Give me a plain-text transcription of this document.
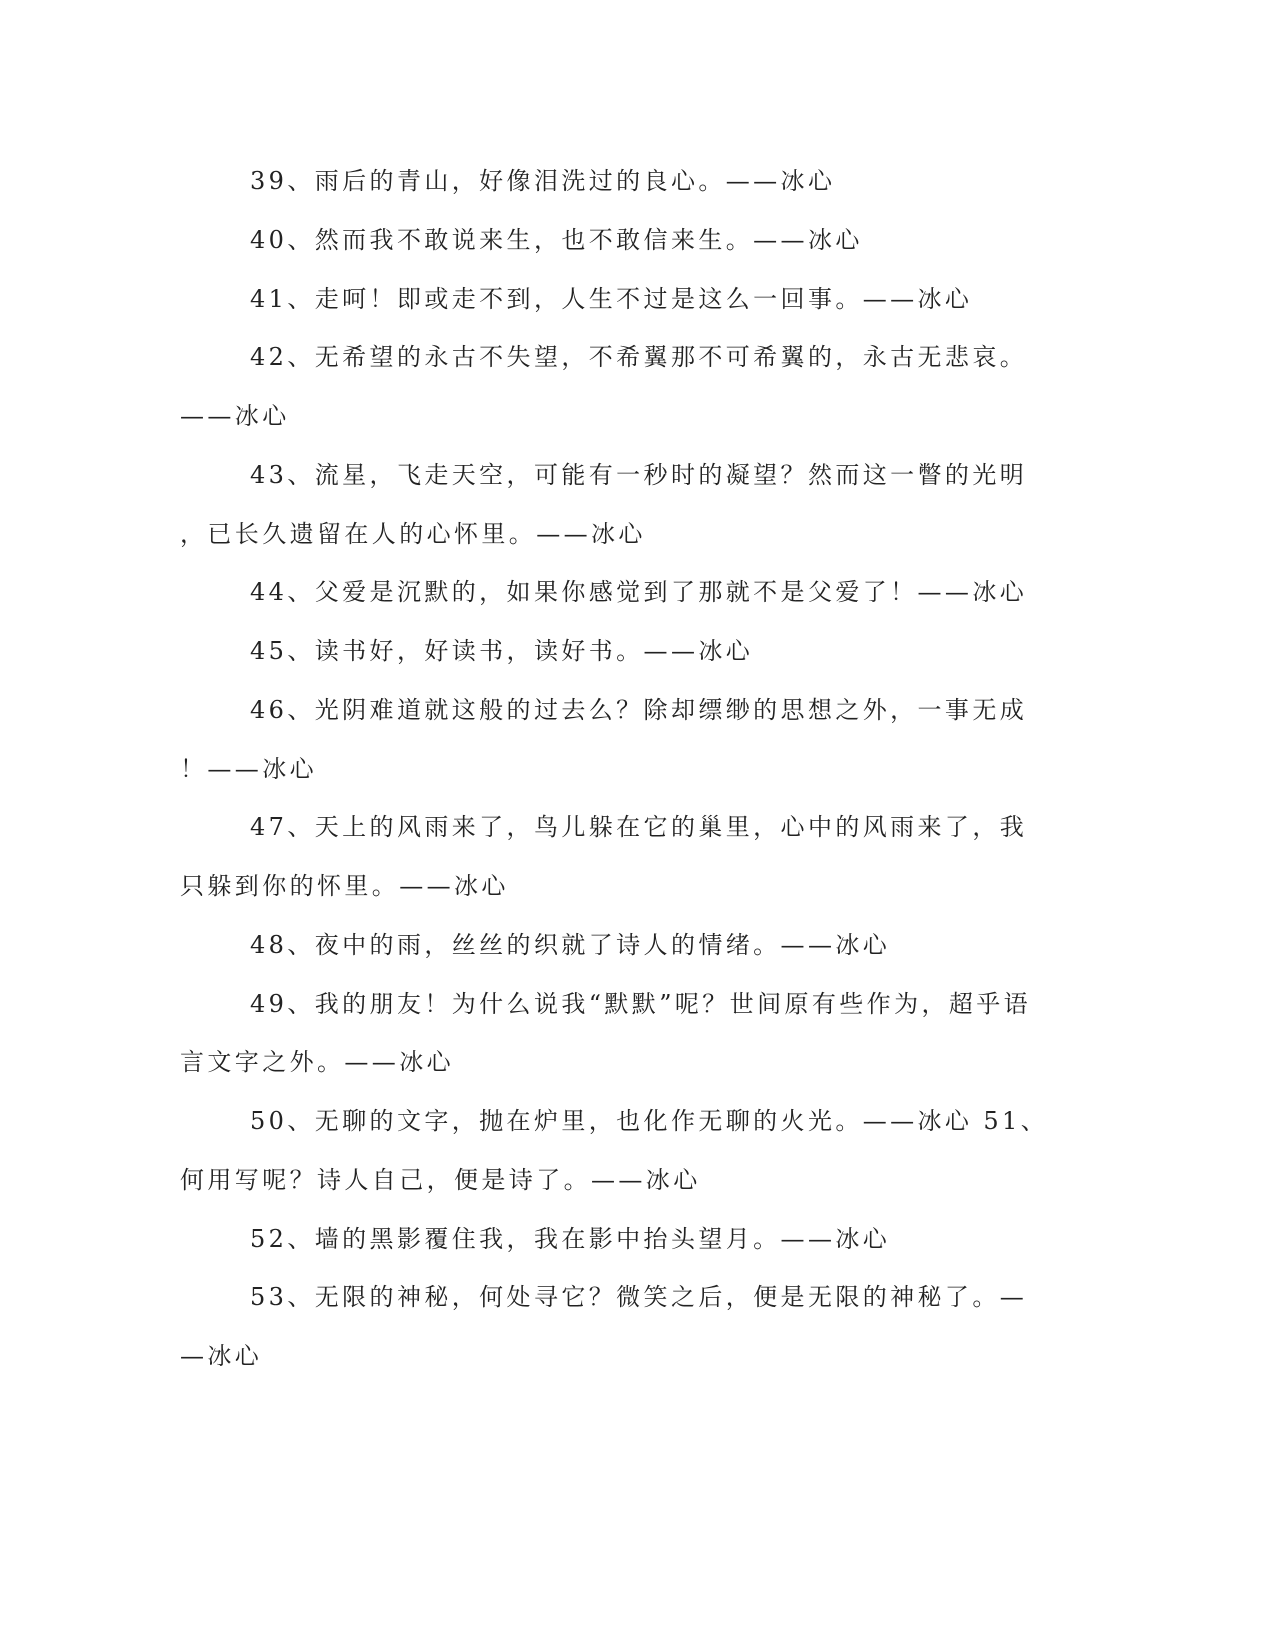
39、雨后的青山，好像泪洗过的良心。——冰心
40、然而我不敢说来生，也不敢信来生。——冰心
41、走呵！即或走不到，人生不过是这么一回事。——冰心
42、无希望的永古不失望，不希翼那不可希翼的，永古无悲哀。
——冰心
43、流星，飞走天空，可能有一秒时的凝望？然而这一瞥的光明
，已长久遗留在人的心怀里。——冰心
44、父爱是沉默的，如果你感觉到了那就不是父爱了！——冰心
45、读书好，好读书，读好书。——冰心
46、光阴难道就这般的过去么？除却缥缈的思想之外，一事无成
！——冰心
47、天上的风雨来了，鸟儿躲在它的巢里，心中的风雨来了，我
只躲到你的怀里。——冰心
48、夜中的雨，丝丝的织就了诗人的情绪。——冰心
49、我的朋友！为什么说我“默默”呢？世间原有些作为，超乎语
言文字之外。——冰心
50、无聊的文字，抛在炉里，也化作无聊的火光。——冰心 51、
何用写呢？诗人自己，便是诗了。——冰心
52、墙的黑影覆住我，我在影中抬头望月。——冰心
53、无限的神秘，何处寻它？微笑之后，便是无限的神秘了。—
—冰心
